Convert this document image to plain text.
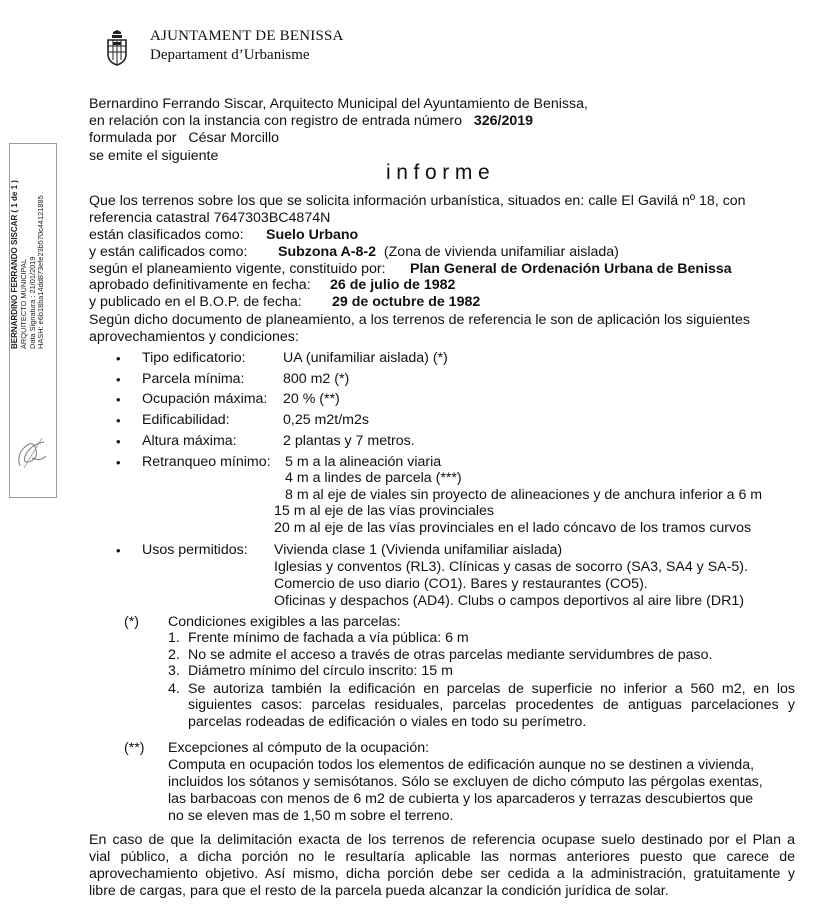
AJUNTAMENT DE BENISSA
Departament d’Urbanisme
BERNARDINO FERRANDO SISCAR ( 1 de 1 ) ARQUITECTO MUNICIPAL Data Signatura : 21/01/2019 HASH: e6b18ba14dd873efe23b570c44121885
Bernardino Ferrando Siscar, Arquitecto Municipal del Ayuntamiento de Benissa,
en relación con la instancia con registro de entrada número 326/2019
formulada por César Morcillo
se emite el siguiente
informe
Que los terrenos sobre los que se solicita información urbanística, situados en: calle El Gavilá nº 18, con
referencia catastral 7647303BC4874N
están clasificados como: Suelo Urbano
y están calificados como: Subzona A-8-2 (Zona de vivienda unifamiliar aislada)
según el planeamiento vigente, constituido por: Plan General de Ordenación Urbana de Benissa
aprobado definitivamente en fecha: 26 de julio de 1982
y publicado en el B.O.P. de fecha: 29 de octubre de 1982
Según dicho documento de planeamiento, a los terrenos de referencia le son de aplicación los siguientes
aprovechamientos y condiciones:
• Tipo edificatorio:	UA (unifamiliar aislada) (*)
• Parcela mínima:	800 m2 (*)
• Ocupación máxima: 20 % (**)
• Edificabilidad:	0,25 m2t/m2s
• Altura máxima:	2 plantas y 7 metros.
• Retranqueo mínimo: 5 m a la alineación viaria
4 m a lindes de parcela (***)
8 m al eje de viales sin proyecto de alineaciones y de anchura inferior a 6 m
15 m al eje de las vías provinciales
20 m al eje de las vías provinciales en el lado cóncavo de los tramos curvos
• Usos permitidos: Vivienda clase 1 (Vivienda unifamiliar aislada)
Iglesias y conventos (RL3). Clínicas y casas de socorro (SA3, SA4 y SA-5).
Comercio de uso diario (CO1). Bares y restaurantes (CO5).
Oficinas y despachos (AD4). Clubs o campos deportivos al aire libre (DR1)
(*) Condiciones exigibles a las parcelas:
1. Frente mínimo de fachada a vía pública: 6 m
2. No se admite el acceso a través de otras parcelas mediante servidumbres de paso.
3. Diámetro mínimo del círculo inscrito: 15 m
4. Se autoriza también la edificación en parcelas de superficie no inferior a 560 m2, en los
siguientes casos: parcelas residuales, parcelas procedentes de antiguas parcelaciones y
parcelas rodeadas de edificación o viales en todo su perímetro.
(**) Excepciones al cómputo de la ocupación:
Computa en ocupación todos los elementos de edificación aunque no se destinen a vivienda,
incluidos los sótanos y semisótanos. Sólo se excluyen de dicho cómputo las pérgolas exentas,
las barbacoas con menos de 6 m2 de cubierta y los aparcaderos y terrazas descubiertos que
no se eleven mas de 1,50 m sobre el terreno.
En caso de que la delimitación exacta de los terrenos de referencia ocupase suelo destinado por el Plan a
vial público, a dicha porción no le resultaría aplicable las normas anteriores puesto que carece de
aprovechamiento objetivo. Así mismo, dicha porción debe ser cedida a la administración, gratuitamente y
libre de cargas, para que el resto de la parcela pueda alcanzar la condición jurídica de solar.
